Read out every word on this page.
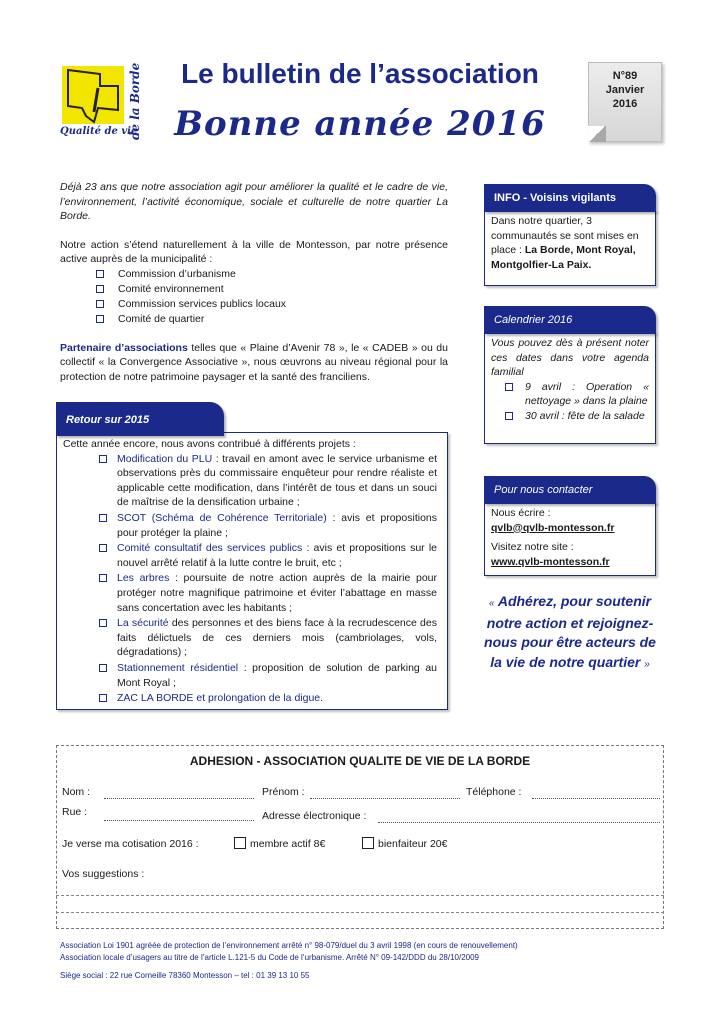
de la Borde
Qualité de vie
Le bulletin de l’association
Bonne année 2016
N°89
Janvier
2016

Déjà 23 ans que notre association agit pour améliorer la qualité et le cadre de vie, l’environnement, l’activité économique, sociale et culturelle de notre quartier La Borde.

Notre action s’étend naturellement à la ville de Montesson, par notre présence active auprès de la municipalité :

Commission d’urbanisme
Comité environnement
Commission services publics locaux
Comité de quartier

Partenaire d’associations telles que « Plaine d’Avenir 78 », le « CADEB » ou du collectif « la Convergence Associative », nous œuvrons au niveau régional pour la protection de notre patrimoine paysager et la santé des franciliens.

Cette année encore, nous avons contribué à différents projets :
Modification du PLU : travail en amont avec le service urbanisme et observations près du commissaire enquêteur pour rendre réaliste et applicable cette modification, dans l’intérêt de tous et dans un souci de maîtrise de la densification urbaine ;
SCOT (Schéma de Cohérence Territoriale) : avis et propositions pour protéger la plaine ;
Comité consultatif des services publics : avis et propositions sur le nouvel arrêté relatif à la lutte contre le bruit, etc ;
Les arbres : poursuite de notre action auprès de la mairie pour protéger notre magnifique patrimoine et éviter l’abattage en masse sans concertation avec les habitants ;
La sécurité des personnes et des biens face à la recrudescence des faits délictuels de ces derniers mois (cambriolages, vols, dégradations) ;
Stationnement résidentiel : proposition de solution de parking au Mont Royal ;
ZAC LA BORDE et prolongation de la digue.
Retour sur 2015
Dans notre quartier, 3 communautés se sont mises en place : La Borde, Mont Royal, Montgolfier-La Paix.
INFO - Voisins vigilants
Vous pouvez dès à présent noter ces dates dans votre agenda familial
9 avril : Operation « nettoyage » dans la plaine
30 avril : fête de la salade
Calendrier 2016
Nous écrire :
qvlb@qvlb-montesson.fr
Visitez notre site :
www.qvlb-montesson.fr
Pour nous contacter
« Adhérez, pour soutenir notre action et rejoignez-nous pour être acteurs de la vie de notre quartier »
ADHESION - ASSOCIATION QUALITE DE VIE DE LA BORDE
Nom :	Prénom :	Téléphone :
Rue :	Adresse électronique :
Je verse ma cotisation 2016 :	membre actif 8€	bienfaiteur 20€
Vos suggestions :
Association Loi 1901 agréée de protection de l’environnement arrêté n° 98-079/duel du 3 avril 1998 (en cours de renouvellement)
Association locale d’usagers au titre de l’article L.121-5 du Code de l’urbanisme. Arrêté N° 09-142/DDD du 28/10/2009
Siège social : 22 rue Corneille 78360 Montesson – tel : 01 39 13 10 55
